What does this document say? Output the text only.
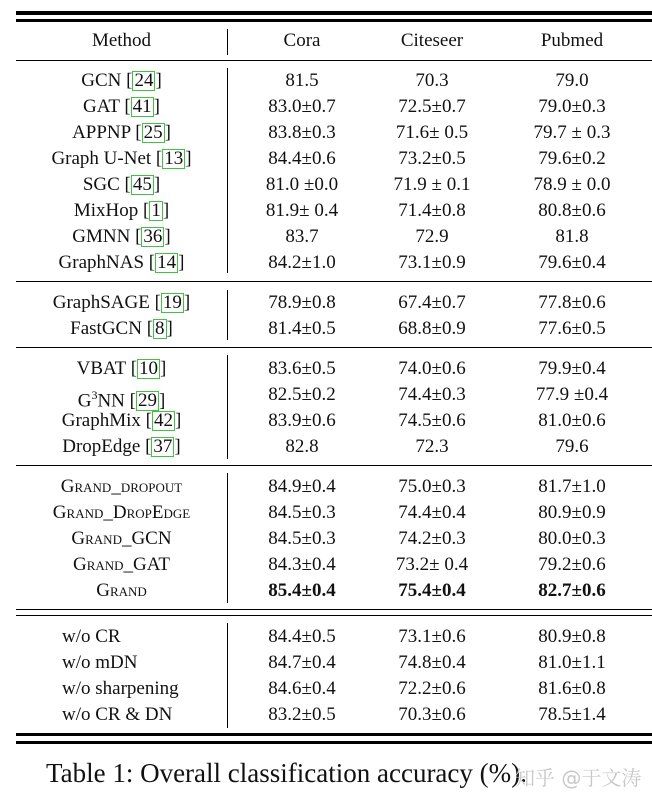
Method	Cora	Citeseer	Pubmed
GCN [ 24 ]	81.5	70.3	79.0
GAT [ 41 ]	83.0±0.7	72.5±0.7	79.0±0.3
APPNP [ 25 ]	83.8±0.3	71.6± 0.5	79.7 ± 0.3
Graph U-Net [ 13 ]	84.4±0.6	73.2±0.5	79.6±0.2
SGC [ 45 ]	81.0 ±0.0	71.9 ± 0.1	78.9 ± 0.0
MixHop [ 1 ]	81.9± 0.4	71.4±0.8	80.8±0.6
GMNN [ 36 ]	83.7	72.9	81.8
GraphNAS [ 14 ]	84.2±1.0	73.1±0.9	79.6±0.4
GraphSAGE [ 19 ]	78.9±0.8	67.4±0.7	77.8±0.6
FastGCN [ 8 ]	81.4±0.5	68.8±0.9	77.6±0.5
VBAT [ 10 ]	83.6±0.5	74.0±0.6	79.9±0.4
$G^3NN$ [ 29 ]	82.5±0.2	74.4±0.3	77.9 ±0.4
GraphMix [ 42 ]	83.9±0.6	74.5±0.6	81.0±0.6
DropEdge [ 37 ]	82.8	72.3	79.6
Grand_dropout	84.9±0.4	75.0±0.3	81.7±1.0
Grand_DropEdge	84.5±0.3	74.4±0.4	80.9±0.9
Grand_GCN	84.5±0.3	74.2±0.3	80.0±0.3
Grand_GAT	84.3±0.4	73.2± 0.4	79.2±0.6
Grand	85.4±0.4	75.4±0.4	82.7±0.6
w/o CR	84.4±0.5	73.1±0.6	80.9±0.8
w/o mDN	84.7±0.4	74.8±0.4	81.0±1.1
w/o sharpening	84.6±0.4	72.2±0.6	81.6±0.8
w/o CR & DN	83.2±0.5	70.3±0.6	78.5±1.4
Table 1: Overall classification accuracy (%).
知乎 @于文涛
